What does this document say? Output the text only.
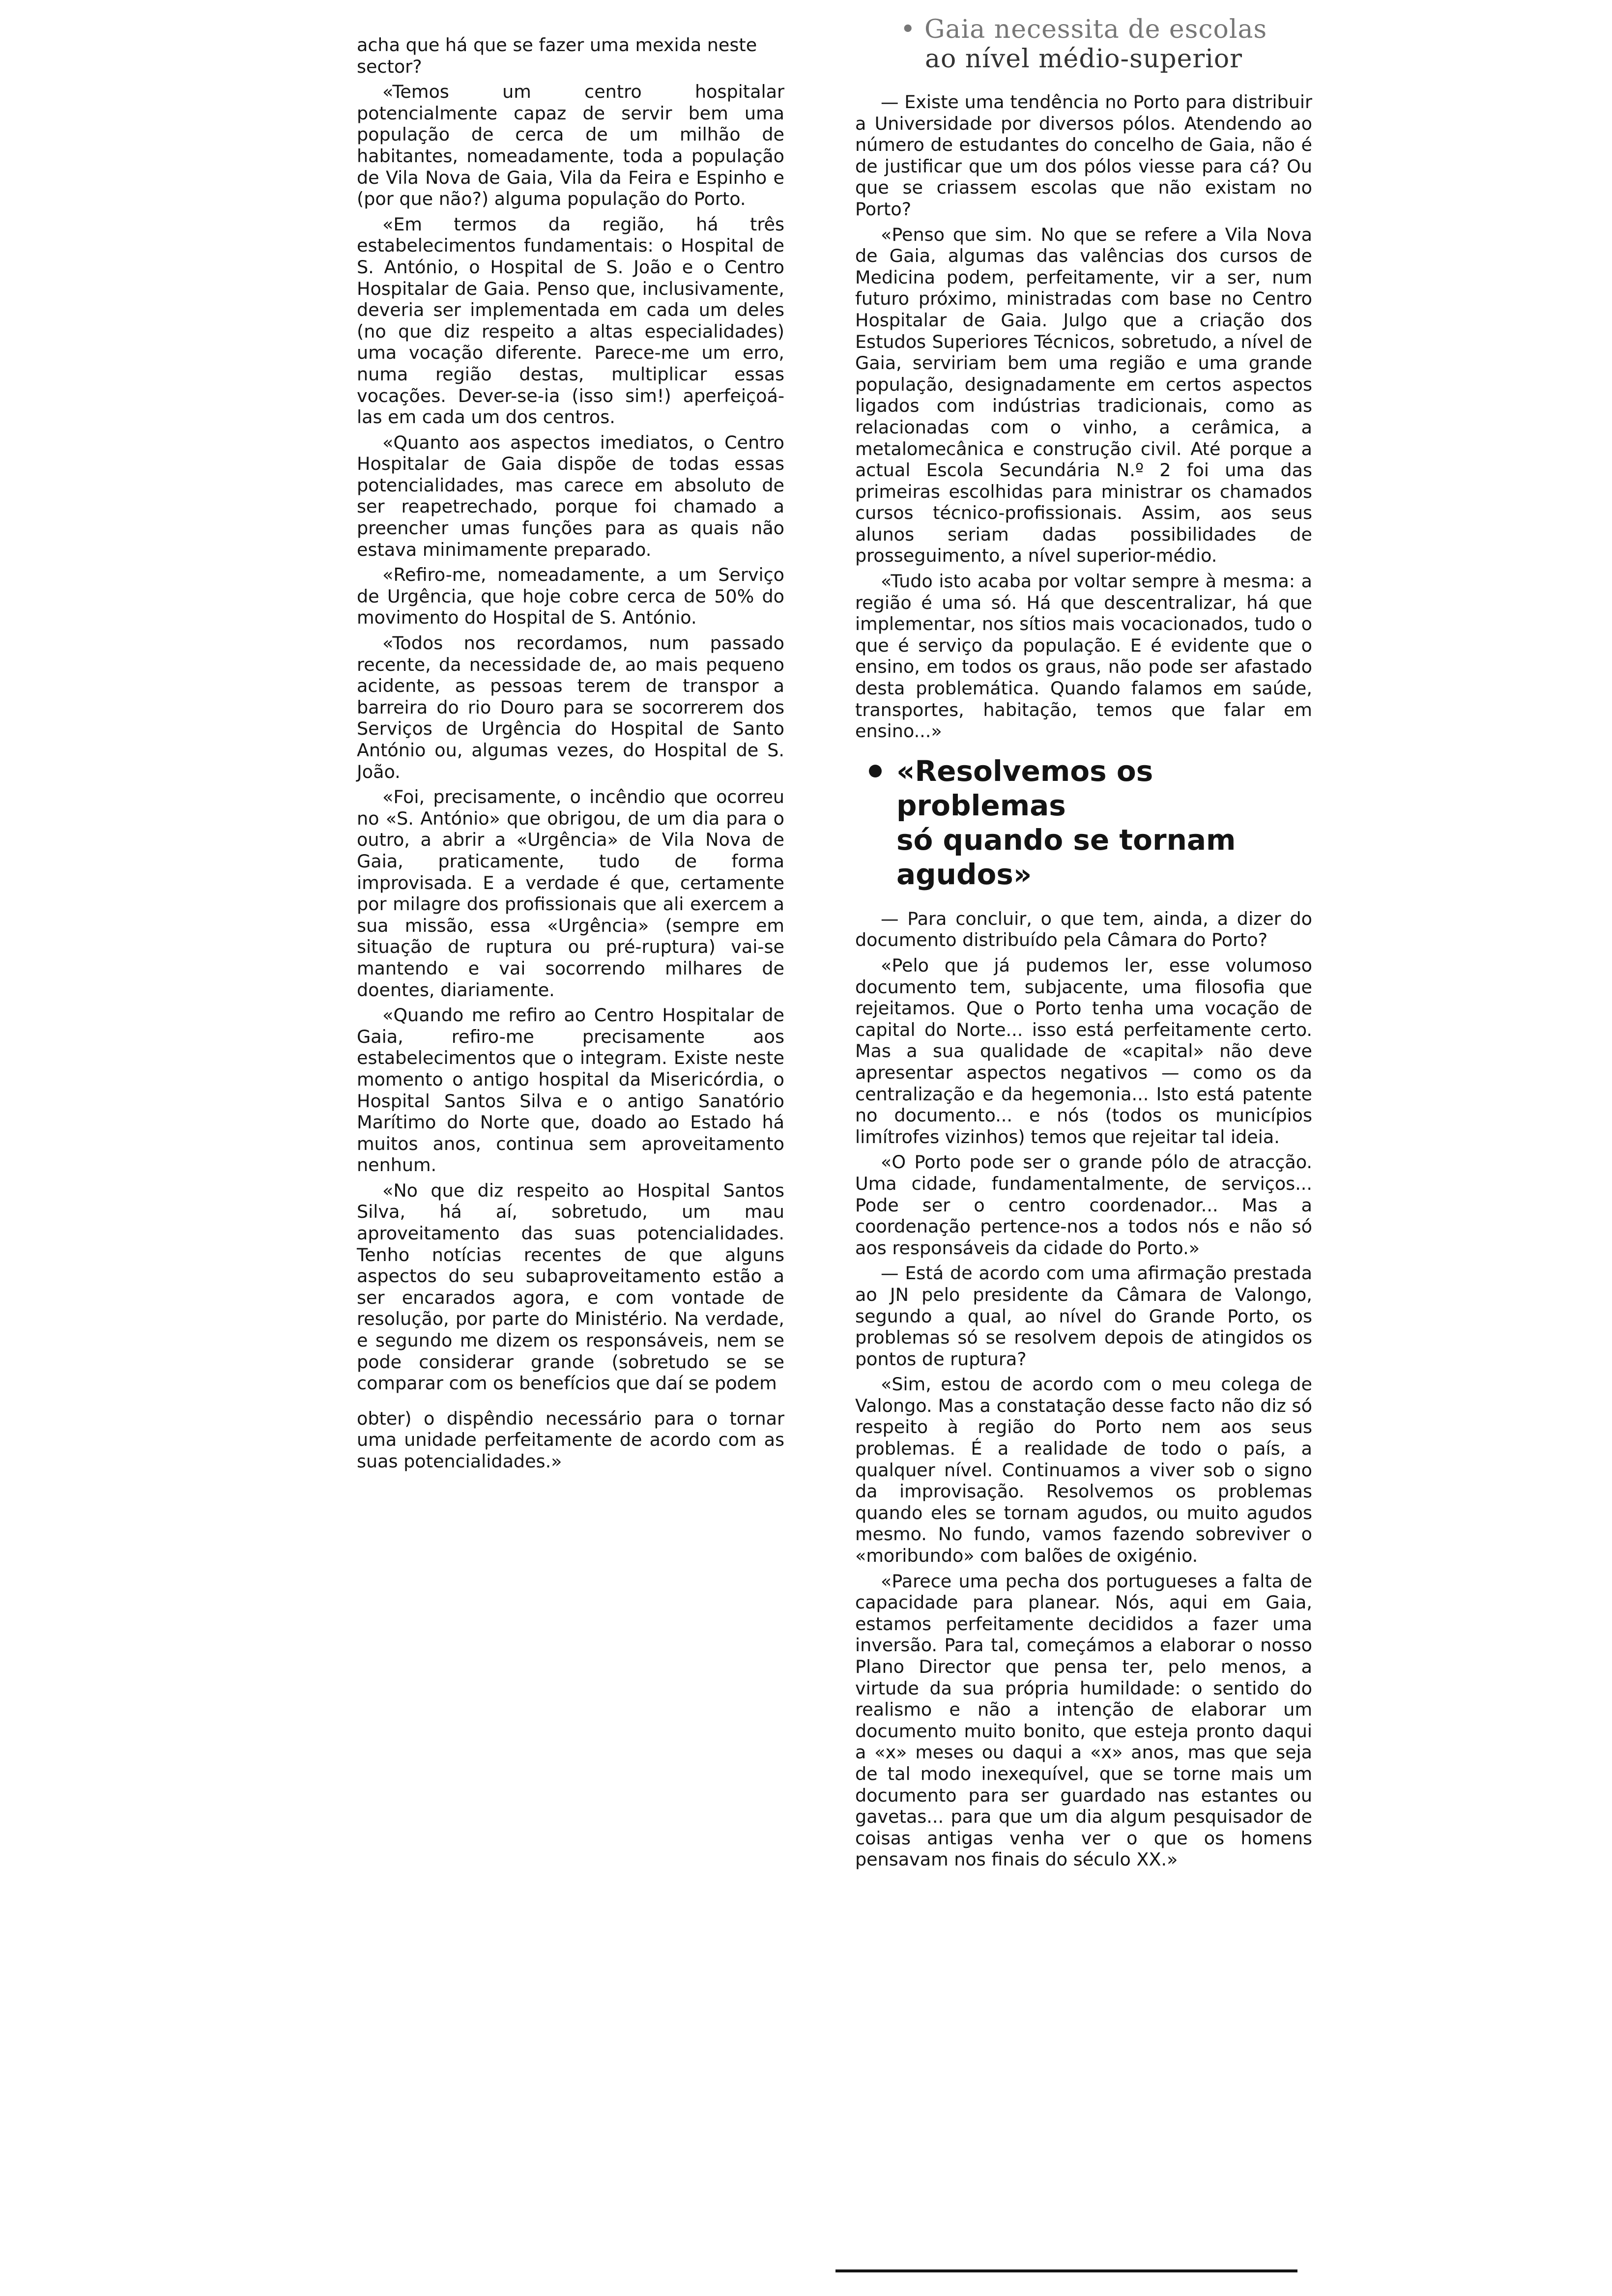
acha que há que se fazer uma mexida neste
sector?

«Temos um centro hospitalar potencialmente capaz de servir bem uma população de cerca de um milhão de habitantes, nomeadamente, toda a população de Vila Nova de Gaia, Vila da Feira e Espinho e (por que não?) alguma população do Porto.

«Em termos da região, há três estabelecimentos fundamentais: o Hospital de S. António, o Hospital de S. João e o Centro Hospitalar de Gaia. Penso que, inclusivamente, deveria ser implementada em cada um deles (no que diz respeito a altas especialidades) uma vocação diferente. Parece-me um erro, numa região destas, multiplicar essas vocações. Dever-se-ia (isso sim!) aperfeiçoá-las em cada um dos centros.

«Quanto aos aspectos imediatos, o Centro Hospitalar de Gaia dispõe de todas essas potencialidades, mas carece em absoluto de ser reapetrechado, porque foi chamado a preencher umas funções para as quais não estava minimamente preparado.

«Refiro-me, nomeadamente, a um Serviço de Urgência, que hoje cobre cerca de 50% do movimento do Hospital de S. António.

«Todos nos recordamos, num passado recente, da necessidade de, ao mais pequeno acidente, as pessoas terem de transpor a barreira do rio Douro para se socorrerem dos Serviços de Urgência do Hospital de Santo António ou, algumas vezes, do Hospital de S. João.

«Foi, precisamente, o incêndio que ocorreu no «S. António» que obrigou, de um dia para o outro, a abrir a «Urgência» de Vila Nova de Gaia, praticamente, tudo de forma improvisada. E a verdade é que, certamente por milagre dos profissionais que ali exercem a sua missão, essa «Urgência» (sempre em situação de ruptura ou pré-ruptura) vai-se mantendo e vai socorrendo milhares de doentes, diariamente.

«Quando me refiro ao Centro Hospitalar de Gaia, refiro-me precisamente aos estabelecimentos que o integram. Existe neste momento o antigo hospital da Misericórdia, o Hospital Santos Silva e o antigo Sanatório Marítimo do Norte que, doado ao Estado há muitos anos, continua sem aproveitamento nenhum.

«No que diz respeito ao Hospital Santos Silva, há aí, sobretudo, um mau aproveitamento das suas potencialidades. Tenho notícias recentes de que alguns aspectos do seu subaproveitamento estão a ser encarados agora, e com vontade de resolução, por parte do Ministério. Na verdade, e segundo me dizem os responsáveis, nem se pode considerar grande (sobretudo se se comparar com os benefícios que daí se podem

obter) o dispêndio necessário para o tornar uma unidade perfeitamente de acordo com as suas potencialidades.»

• Gaia necessita de escolas
ao nível médio-superior

— Existe uma tendência no Porto para distribuir a Universidade por diversos pólos. Atendendo ao número de estudantes do concelho de Gaia, não é de justificar que um dos pólos viesse para cá? Ou que se criassem escolas que não existam no Porto?

«Penso que sim. No que se refere a Vila Nova de Gaia, algumas das valências dos cursos de Medicina podem, perfeitamente, vir a ser, num futuro próximo, ministradas com base no Centro Hospitalar de Gaia. Julgo que a criação dos Estudos Superiores Técnicos, sobretudo, a nível de Gaia, serviriam bem uma região e uma grande população, designadamente em certos aspectos ligados com indústrias tradicionais, como as relacionadas com o vinho, a cerâmica, a metalomecânica e construção civil. Até porque a actual Escola Secundária N.º 2 foi uma das primeiras escolhidas para ministrar os chamados cursos técnico-profissionais. Assim, aos seus alunos seriam dadas possibilidades de prosseguimento, a nível superior-médio.

«Tudo isto acaba por voltar sempre à mesma: a região é uma só. Há que descentralizar, há que implementar, nos sítios mais vocacionados, tudo o que é serviço da população. E é evidente que o ensino, em todos os graus, não pode ser afastado desta problemática. Quando falamos em saúde, transportes, habitação, temos que falar em ensino...»

«Resolvemos os problemas
só quando se tornam
agudos»

— Para concluir, o que tem, ainda, a dizer do documento distribuído pela Câmara do Porto?

«Pelo que já pudemos ler, esse volumoso documento tem, subjacente, uma filosofia que rejeitamos. Que o Porto tenha uma vocação de capital do Norte... isso está perfeitamente certo. Mas a sua qualidade de «capital» não deve apresentar aspectos negativos — como os da centralização e da hegemonia... Isto está patente no documento... e nós (todos os municípios limítrofes vizinhos) temos que rejeitar tal ideia.

«O Porto pode ser o grande pólo de atracção. Uma cidade, fundamentalmente, de serviços... Pode ser o centro coordenador... Mas a coordenação pertence-nos a todos nós e não só aos responsáveis da cidade do Porto.»

— Está de acordo com uma afirmação prestada ao JN pelo presidente da Câmara de Valongo, segundo a qual, ao nível do Grande Porto, os problemas só se resolvem depois de atingidos os pontos de ruptura?

«Sim, estou de acordo com o meu colega de Valongo. Mas a constatação desse facto não diz só respeito à região do Porto nem aos seus problemas. É a realidade de todo o país, a qualquer nível. Continuamos a viver sob o signo da improvisação. Resolvemos os problemas quando eles se tornam agudos, ou muito agudos mesmo. No fundo, vamos fazendo sobreviver o «moribundo» com balões de oxigénio.

«Parece uma pecha dos portugueses a falta de capacidade para planear. Nós, aqui em Gaia, estamos perfeitamente decididos a fazer uma inversão. Para tal, começámos a elaborar o nosso Plano Director que pensa ter, pelo menos, a virtude da sua própria humildade: o sentido do realismo e não a intenção de elaborar um documento muito bonito, que esteja pronto daqui a «x» meses ou daqui a «x» anos, mas que seja de tal modo inexequível, que se torne mais um documento para ser guardado nas estantes ou gavetas... para que um dia algum pesquisador de coisas antigas venha ver o que os homens pensavam nos finais do século XX.»
